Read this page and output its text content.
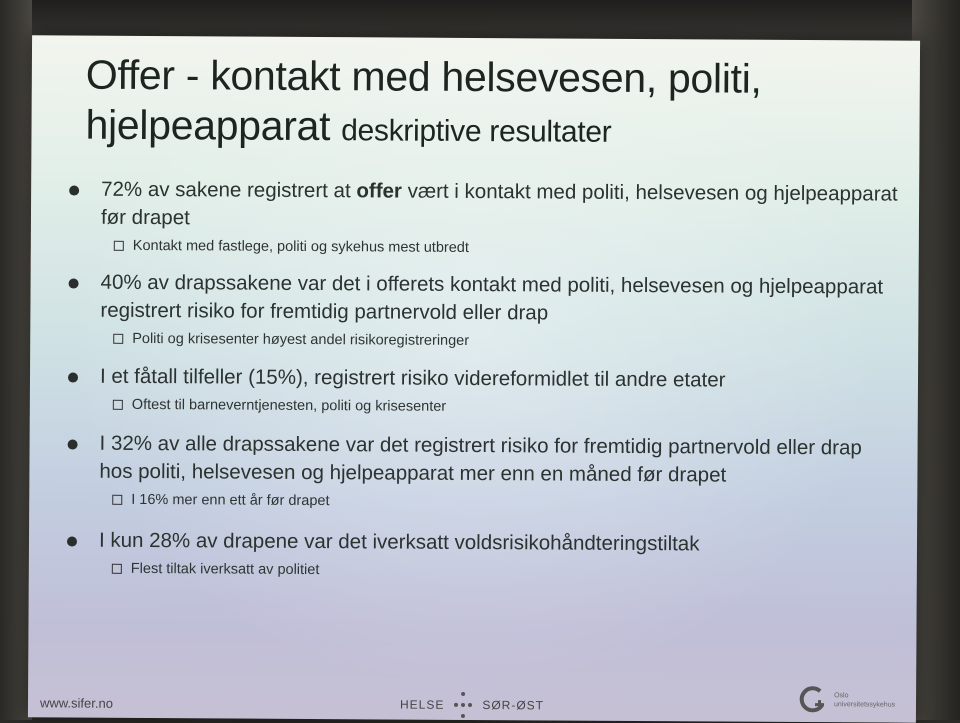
Offer - kontakt med helsevesen, politi, hjelpeapparat deskriptive resultater
72% av sakene registrert at offer vært i kontakt med politi, helsevesen og hjelpeapparat før drapet
Kontakt med fastlege, politi og sykehus mest utbredt
40% av drapssakene var det i offerets kontakt med politi, helsevesen og hjelpeapparat registrert risiko for fremtidig partnervold eller drap
Politi og krisesenter høyest andel risikoregistreringer
I et fåtall tilfeller (15%), registrert risiko videreformidlet til andre etater
Oftest til barneverntjenesten, politi og krisesenter
I 32% av alle drapssakene var det registrert risiko for fremtidig partnervold eller drap hos politi, helsevesen og hjelpeapparat mer enn en måned før drapet
I 16% mer enn ett år før drapet
I kun 28% av drapene var det iverksatt voldsrisikohåndteringstiltak
Flest tiltak iverksatt av politiet
www.sifer.no	HELSE	SØR-ØST
Oslo
universitetssykehus
